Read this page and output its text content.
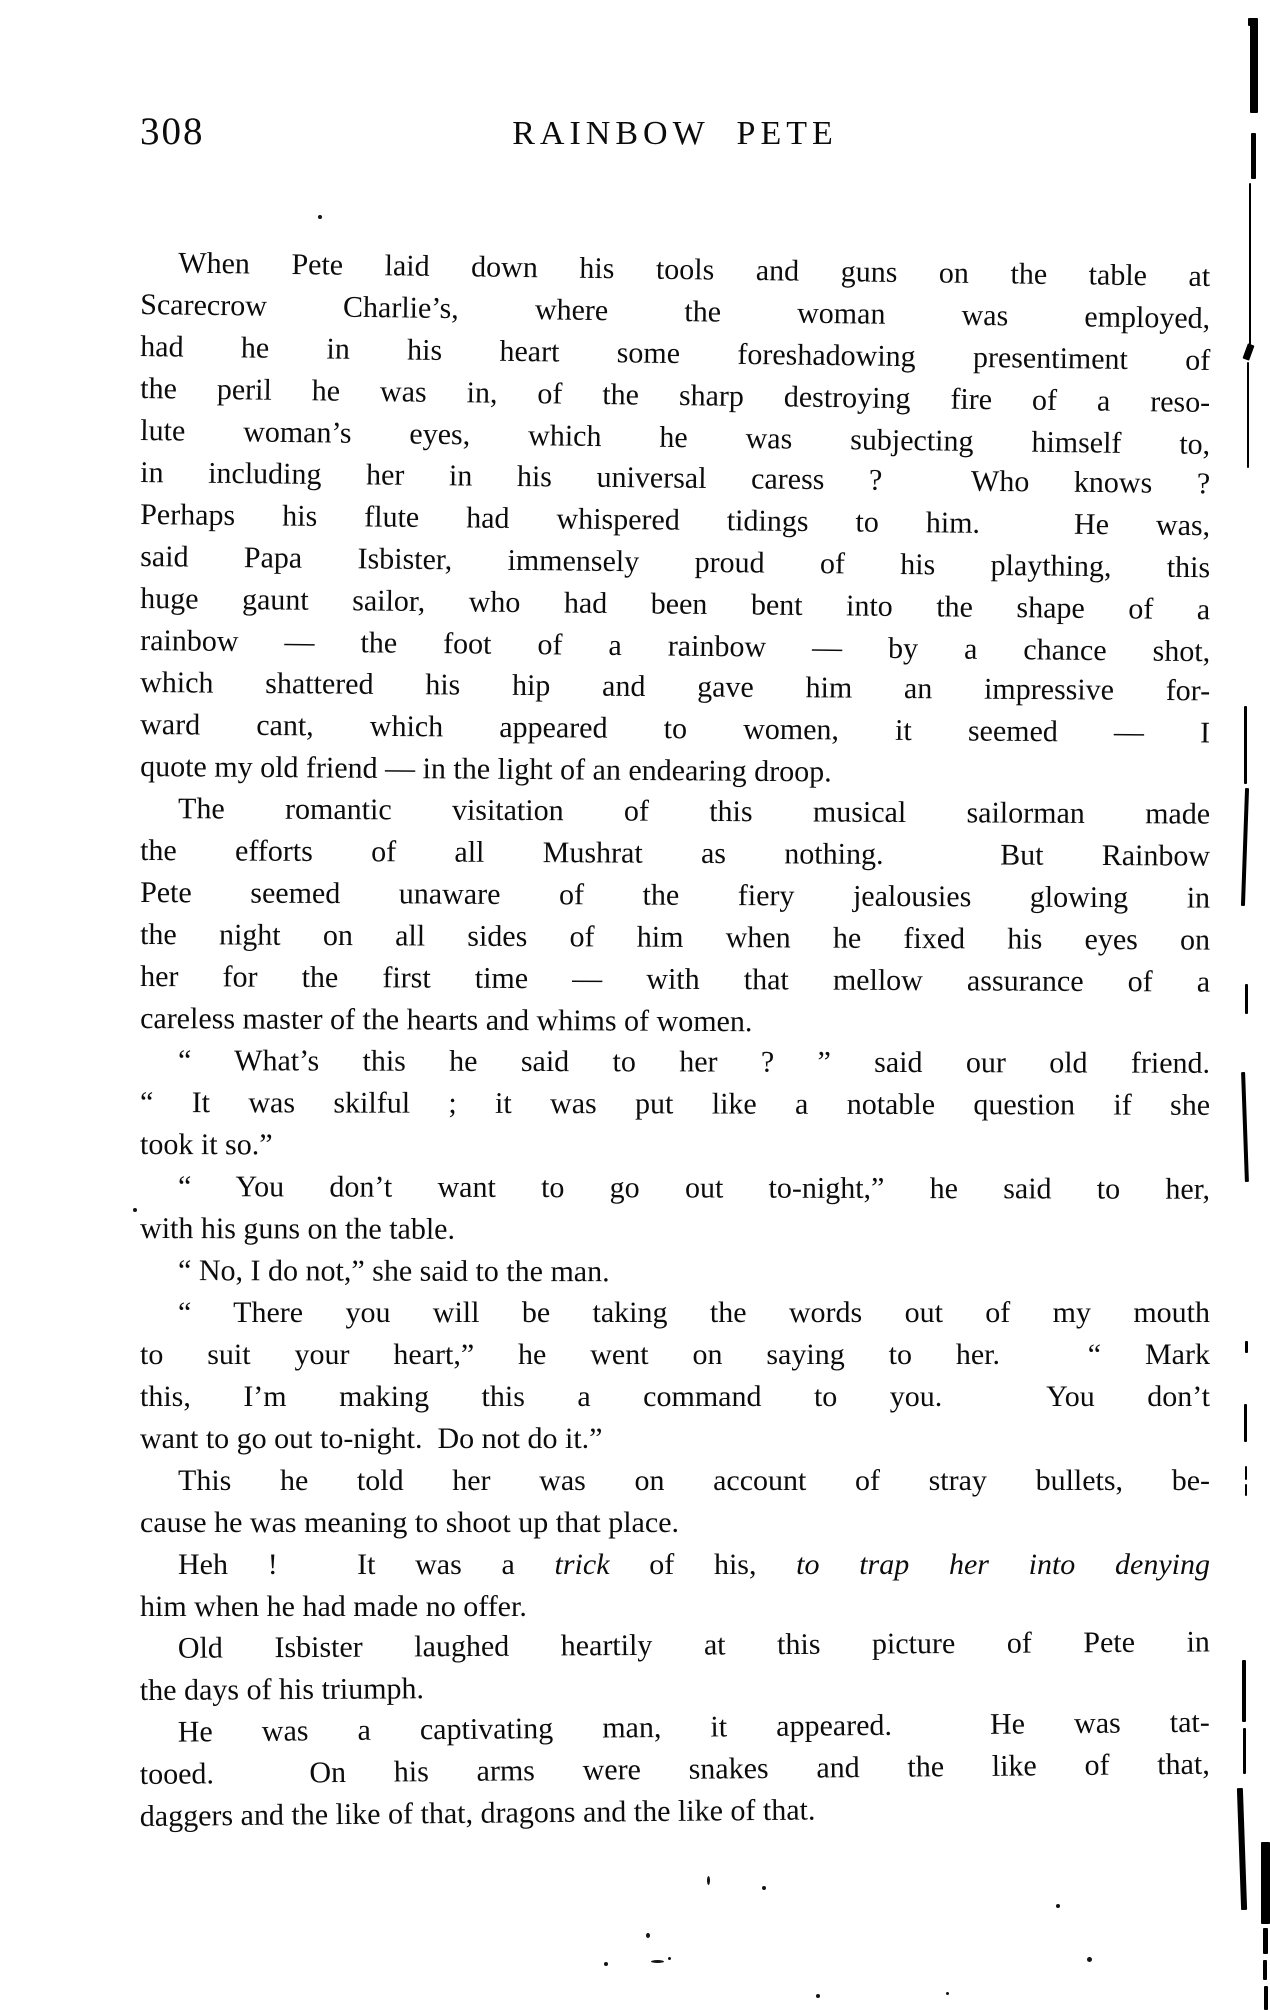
308	RAINBOW PETE
When Pete laid down his tools and guns on the table at
Scarecrow Charlie’s, where the woman was employed,
had he in his heart some foreshadowing presentiment of
the peril he was in, of the sharp destroying fire of a reso-
lute woman’s eyes, which he was subjecting himself to,
in including her in his universal caress ?  Who knows ?
Perhaps his flute had whispered tidings to him.  He was,
said Papa Isbister, immensely proud of his plaything, this
huge gaunt sailor, who had been bent into the shape of a
rainbow — the foot of a rainbow — by a chance shot,
which shattered his hip and gave him an impressive for-
ward cant, which appeared to women, it seemed — I
quote my old friend — in the light of an endearing droop.
The romantic visitation of this musical sailorman made
the efforts of all Mushrat as nothing.  But Rainbow
Pete seemed unaware of the fiery jealousies glowing in
the night on all sides of him when he fixed his eyes on
her for the first time — with that mellow assurance of a
careless master of the hearts and whims of women.
“ What’s this he said to her ? ” said our old friend.
“ It was skilful ; it was put like a notable question if she
took it so.”
“ You don’t want to go out to-night,” he said to her,
with his guns on the table.
“ No, I do not,” she said to the man.
“ There you will be taking the words out of my mouth
to suit your heart,” he went on saying to her.  “ Mark
this, I’m making this a command to you.  You don’t
want to go out to-night.  Do not do it.”
This he told her was on account of stray bullets, be-
cause he was meaning to shoot up that place.
Heh !  It was a trick of his, to trap her into denying
him when he had made no offer.
Old Isbister laughed heartily at this picture of Pete in
the days of his triumph.
He was a captivating man, it appeared.  He was tat-
tooed.  On his arms were snakes and the like of that,
daggers and the like of that, dragons and the like of that.
